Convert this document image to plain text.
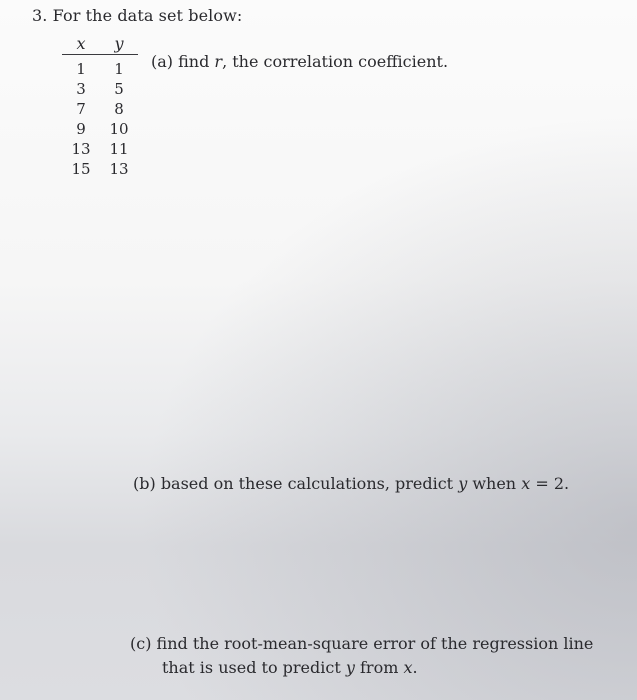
3. For the data set below:
x	y
1	1
3	5
7	8
9	10
13	11
15	13
(a) find r, the correlation coefficient.
(b) based on these calculations, predict y when x = 2.
(c) find the root-mean-square error of the regression line
that is used to predict y from x.
